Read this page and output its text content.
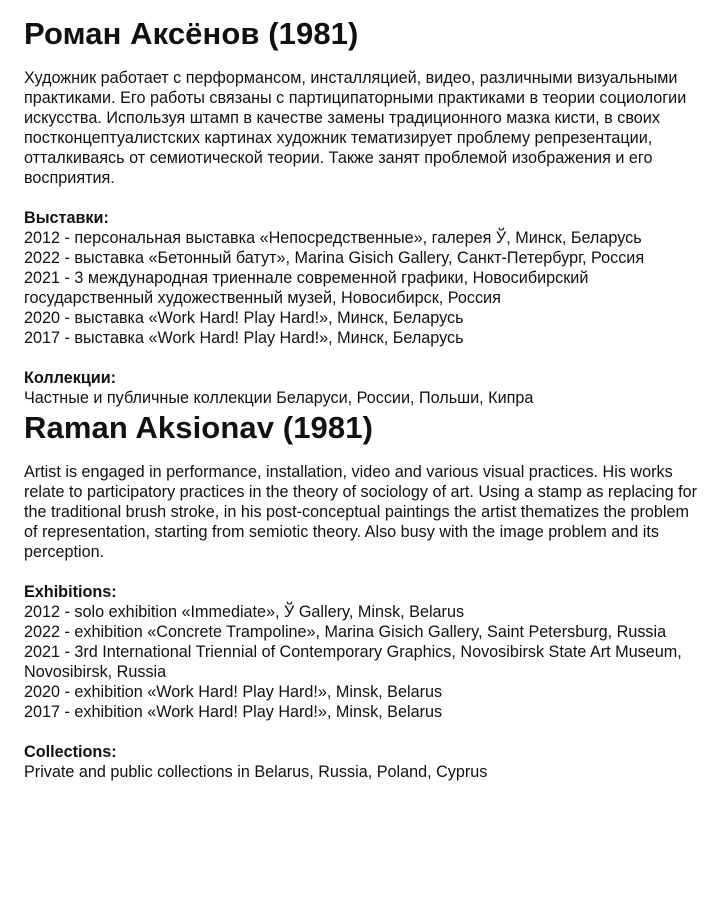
Роман Аксёнов (1981)

Художник работает с перформансом, инсталляцией, видео, различными визуальными практиками. Его работы связаны с партиципаторными практиками в теории социологии искусства. Используя штамп в качестве замены традиционного мазка кисти, в своих постконцептуалистских картинах художник тематизирует проблему репрезентации, отталкиваясь от семиотической теории. Также занят проблемой изображения и его восприятия.

Выставки:

2012 - персональная выставка «Непосредственные», галерея Ў, Минск, Беларусь
2022 - выставка «Бетонный батут», Marina Gisich Gallery, Санкт-Петербург, Россия
2021 - 3 международная триеннале современной графики, Новосибирский государственный художественный музей, Новосибирск, Россия
2020 - выставка «Work Hard! Play Hard!», Минск, Беларусь
2017 - выставка «Work Hard! Play Hard!», Минск, Беларусь

Коллекции:

Частные и публичные коллекции Беларуси, России, Польши, Кипра

Raman Aksionav (1981)

Artist is engaged in performance, installation, video and various visual practices. His works relate to participatory practices in the theory of sociology of art. Using a stamp as replacing for the traditional brush stroke, in his post-conceptual paintings the artist thematizes the problem of representation, starting from semiotic theory. Also busy with the image problem and its perception.

Exhibitions:

2012 - solo exhibition «Immediate», Ў Gallery, Minsk, Belarus
2022 - exhibition «Concrete Trampoline», Marina Gisich Gallery, Saint Petersburg, Russia
2021 - 3rd International Triennial of Contemporary Graphics, Novosibirsk State Art Museum, Novosibirsk, Russia
2020 - exhibition «Work Hard! Play Hard!», Minsk, Belarus
2017 - exhibition «Work Hard! Play Hard!», Minsk, Belarus

Collections:

Private and public collections in Belarus, Russia, Poland, Cyprus
